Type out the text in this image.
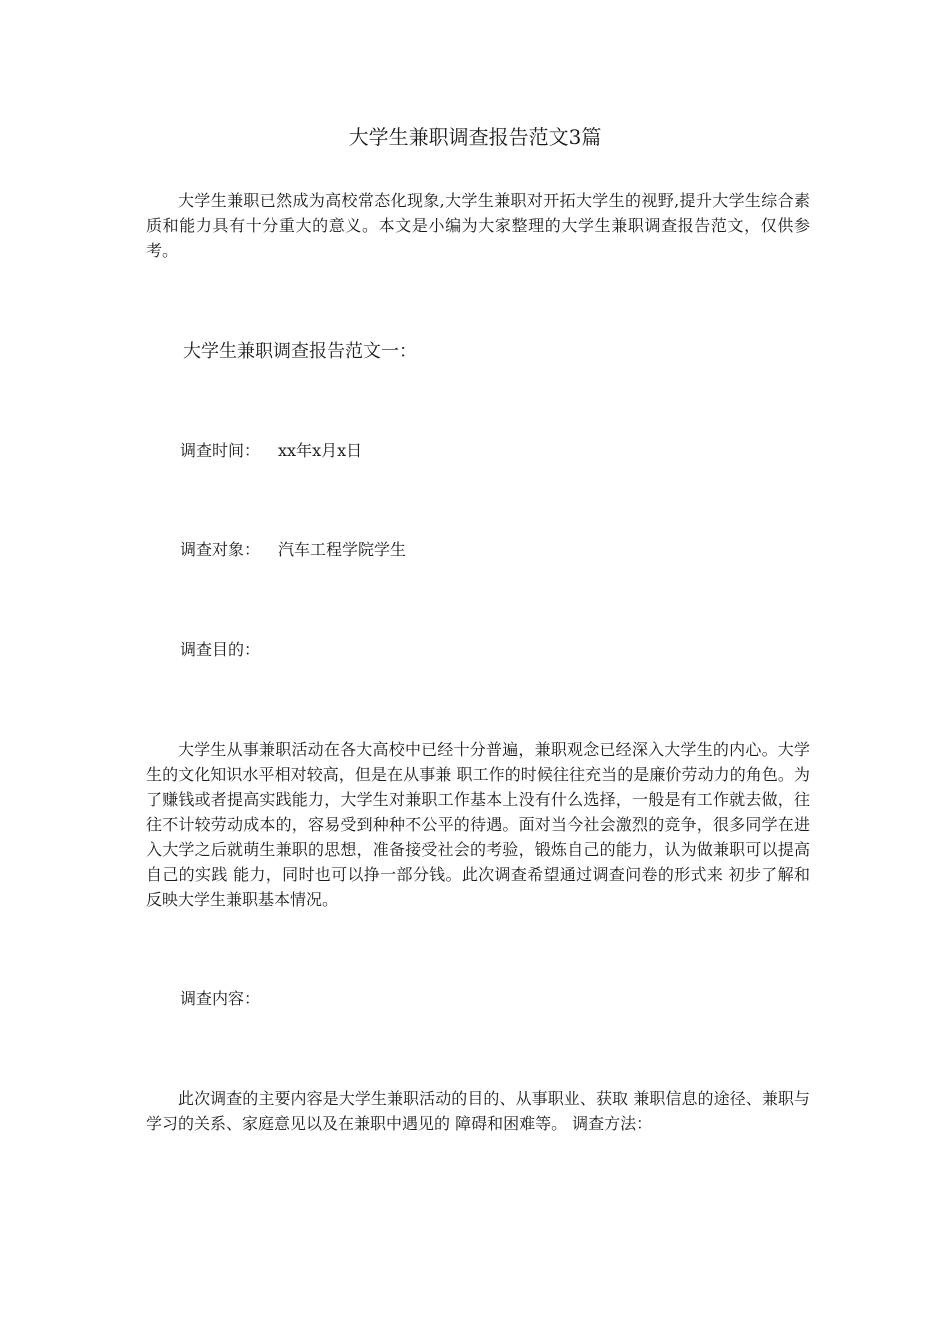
大学生兼职调查报告范文3篇

大学生兼职已然成为高校常态化现象,大学生兼职对开拓大学生的视野,提升大学生综合素质和能力具有十分重大的意义。本文是小编为大家整理的大学生兼职调查报告范文，仅供参考。

大学生兼职调查报告范文一：

调查时间： xx年x月x日

调查对象： 汽车工程学院学生

调查目的：

大学生从事兼职活动在各大高校中已经十分普遍，兼职观念已经深入大学生的内心。大学生的文化知识水平相对较高，但是在从事兼 职工作的时候往往充当的是廉价劳动力的角色。为了赚钱或者提高实践能力，大学生对兼职工作基本上没有什么选择，一般是有工作就去做，往往不计较劳动成本的，容易受到种种不公平的待遇。面对当今社会激烈的竞争，很多同学在进入大学之后就萌生兼职的思想，准备接受社会的考验，锻炼自己的能力，认为做兼职可以提高自己的实践 能力，同时也可以挣一部分钱。此次调查希望通过调查问卷的形式来 初步了解和反映大学生兼职基本情况。

调查内容：

此次调查的主要内容是大学生兼职活动的目的、从事职业、获取 兼职信息的途径、兼职与学习的关系、家庭意见以及在兼职中遇见的 障碍和困难等。 调查方法：
